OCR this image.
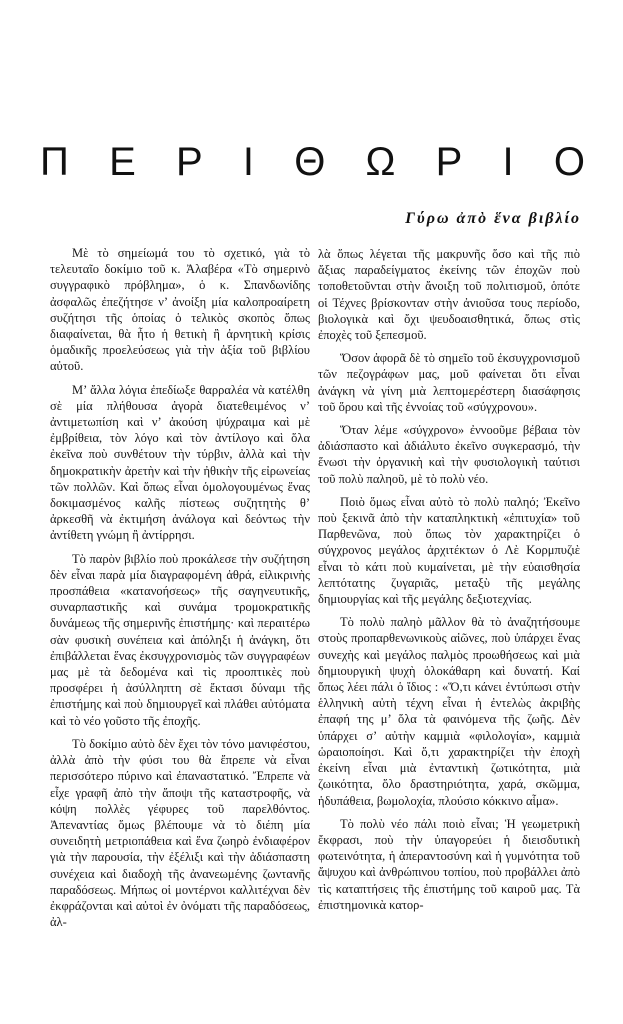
Π Ε Ρ Ι Θ Ω Ρ Ι Ο
Γύρω ἀπὸ ἕνα βιβλίο

Μὲ τὸ σημείωμά του τὸ σχετικό, γιὰ τὸ τελευταῖο δοκίμιο τοῦ κ. Ἀλαβέρα «Τὸ σημερινὸ συγγραφικὸ πρόβλημα», ὁ κ. Σπανδωνίδης ἀσφαλῶς ἐπεζήτησε ν’ ἀνοίξη μία καλοπροαίρετη συζήτησι τῆς ὁποίας ὁ τελικὸς σκοπὸς ὅπως διαφαίνεται, θὰ ἦτο ἡ θετικὴ ἢ ἀρνητικὴ κρίσις ὁμαδικῆς προελεύσεως γιὰ τὴν ἀξία τοῦ βιβλίου αὐτοῦ.

Μ’ ἄλλα λόγια ἐπεδίωξε θαρραλέα νὰ κατέλθη σὲ μία πλήθουσα ἀγορὰ διατεθειμένος ν’ ἀντιμετωπίση καὶ ν’ ἀκούση ψύχραιμα καὶ μὲ ἐμβρίθεια, τὸν λόγο καὶ τὸν ἀντίλογο καὶ ὅλα ἐκεῖνα ποὺ συνθέτουν τὴν τύρβιν, ἀλλὰ καὶ τὴν δημοκρατικὴν ἀρετὴν καὶ τὴν ἠθικὴν τῆς εἰρωνείας τῶν πολλῶν. Καὶ ὅπως εἶναι ὁμολογουμένως ἕνας δοκιμασμένος καλῆς πίστεως συζητητὴς θ’ ἀρκεσθῆ νὰ ἐκτιμήση ἀνάλογα καὶ δεόντως τὴν ἀντίθετη γνώμη ἢ ἀντίρρησι.

Τὸ παρὸν βιβλίο ποὺ προκάλεσε τὴν συζήτηση δὲν εἶναι παρὰ μία διαγραφομένη ἀθρά, εἰλικρινὴς προσπάθεια «κατανοήσεως» τῆς σαγηνευτικῆς, συναρπαστικῆς καὶ συνάμα τρομοκρατικῆς δυνάμεως τῆς σημερινῆς ἐπιστήμης· καὶ περαιτέρω σὰν φυσικὴ συνέπεια καὶ ἀπόληξι ἡ ἀνάγκη, ὅτι ἐπιβάλλεται ἕνας ἐκσυγχρονισμὸς τῶν συγγραφέων μας μὲ τὰ δεδομένα καὶ τὶς προοπτικὲς ποὺ προσφέρει ἡ ἀσύλληπτη σὲ ἔκτασι δύναμι τῆς ἐπιστήμης καὶ ποὺ δημιουργεῖ καὶ πλάθει αὐτόματα καὶ τὸ νέο γοῦστο τῆς ἐποχῆς.

Τὸ δοκίμιο αὐτὸ δὲν ἔχει τὸν τόνο μανιφέστου, ἀλλὰ ἀπὸ τὴν φύσι του θὰ ἔπρεπε νὰ εἶναι περισσότερο πύρινο καὶ ἐπαναστατικό. Ἔπρεπε νὰ εἶχε γραφῆ ἀπὸ τὴν ἄποψι τῆς καταστροφῆς, νὰ κόψη πολλὲς γέφυρες τοῦ παρελθόντος. Ἀπεναντίας ὅμως βλέπουμε νὰ τὸ διέπη μία συνειδητὴ μετριοπάθεια καὶ ἕνα ζωηρὸ ἐνδιαφέρον γιὰ τὴν παρουσία, τὴν ἐξέλιξι καὶ τὴν ἀδιάσπαστη συνέχεια καὶ διαδοχὴ τῆς ἀνανεωμένης ζωντανῆς παραδόσεως. Μήπως οἱ μοντέρνοι καλλιτέχναι δὲν ἐκφράζονται καὶ αὐτοὶ ἐν ὀνόματι τῆς παραδόσεως, ἀλ-

λὰ ὅπως λέγεται τῆς μακρυνῆς ὅσο καὶ τῆς πιὸ ἄξιας παραδείγματος ἐκείνης τῶν ἐποχῶν ποὺ τοποθετοῦνται στὴν ἄνοιξη τοῦ πολιτισμοῦ, ὁπότε οἱ Τέχνες βρίσκονταν στὴν ἀνιοῦσα τους περίοδο, βιολογικὰ καὶ ὄχι ψευδοαισθητικά, ὅπως στὶς ἐποχὲς τοῦ ξεπεσμοῦ.

Ὅσον ἀφορᾶ δὲ τὸ σημεῖο τοῦ ἐκσυγχρονισμοῦ τῶν πεζογράφων μας, μοῦ φαίνεται ὅτι εἶναι ἀνάγκη νὰ γίνη μιὰ λεπτομερέστερη διασάφησις τοῦ ὅρου καὶ τῆς ἐννοίας τοῦ «σύγχρονου».

Ὅταν λέμε «σύγχρονο» ἐννοοῦμε βέβαια τὸν ἀδιάσπαστο καὶ ἀδιάλυτο ἐκεῖνο συγκερασμό, τὴν ἕνωσι τὴν ὀργανικὴ καὶ τὴν φυσιολογικὴ ταύτισι τοῦ πολὺ παληοῦ, μὲ τὸ πολὺ νέο.

Ποιὸ ὅμως εἶναι αὐτὸ τὸ πολὺ παληό; Ἐκεῖνο ποὺ ξεκινᾶ ἀπὸ τὴν καταπληκτικὴ «ἐπιτυχία» τοῦ Παρθενῶνα, ποὺ ὅπως τὸν χαρακτηρίζει ὁ σύγχρονος μεγάλος ἀρχιτέκτων ὁ Λὲ Κορμπυζιὲ εἶναι τὸ κάτι ποὺ κυμαίνεται, μὲ τὴν εὐαισθησία λεπτότατης ζυγαριᾶς, μεταξὺ τῆς μεγάλης δημιουργίας καὶ τῆς μεγάλης δεξιοτεχνίας.

Τὸ πολὺ παληὸ μᾶλλον θὰ τὸ ἀναζητήσουμε στοὺς προπαρθενωνικοὺς αἰῶνες, ποὺ ὑπάρχει ἕνας συνεχὴς καὶ μεγάλος παλμὸς προωθήσεως καὶ μιὰ δημιουργικὴ ψυχὴ ὁλοκάθαρη καὶ δυνατή. Καί ὅπως λέει πάλι ὁ ἴδιος : «Ὅ,τι κάνει ἐντύπωσι στὴν ἑλληνικὴ αὐτὴ τέχνη εἶναι ἡ ἐντελὼς ἀκριβὴς ἐπαφή της μ’ ὅλα τὰ φαινόμενα τῆς ζωῆς. Δὲν ὑπάρχει σ’ αὐτὴν καμμιὰ «φιλολογία», καμμιὰ ὡραιοποίησι. Καὶ ὅ,τι χαρακτηρίζει τὴν ἐποχὴ ἐκείνη εἶναι μιὰ ἐνταντικὴ ζωτικότητα, μιὰ ζωικότητα, ὅλο δραστηριότητα, χαρά, σκῶμμα, ἡδυπάθεια, βωμολοχία, πλούσιο κόκκινο αἷμα».

Τὸ πολὺ νέο πάλι ποιὸ εἶναι; Ἡ γεωμετρικὴ ἔκφρασι, ποὺ τὴν ὑπαγορεύει ἡ διεισδυτικὴ φωτεινότητα, ἡ ἀπεραντοσύνη καὶ ἡ γυμνότητα τοῦ ἄψυχου καὶ ἀνθρώπινου τοπίου, ποὺ προβάλλει ἀπὸ τὶς καταπτήσεις τῆς ἐπιστήμης τοῦ καιροῦ μας. Τὰ ἐπιστημονικὰ κατορ-
